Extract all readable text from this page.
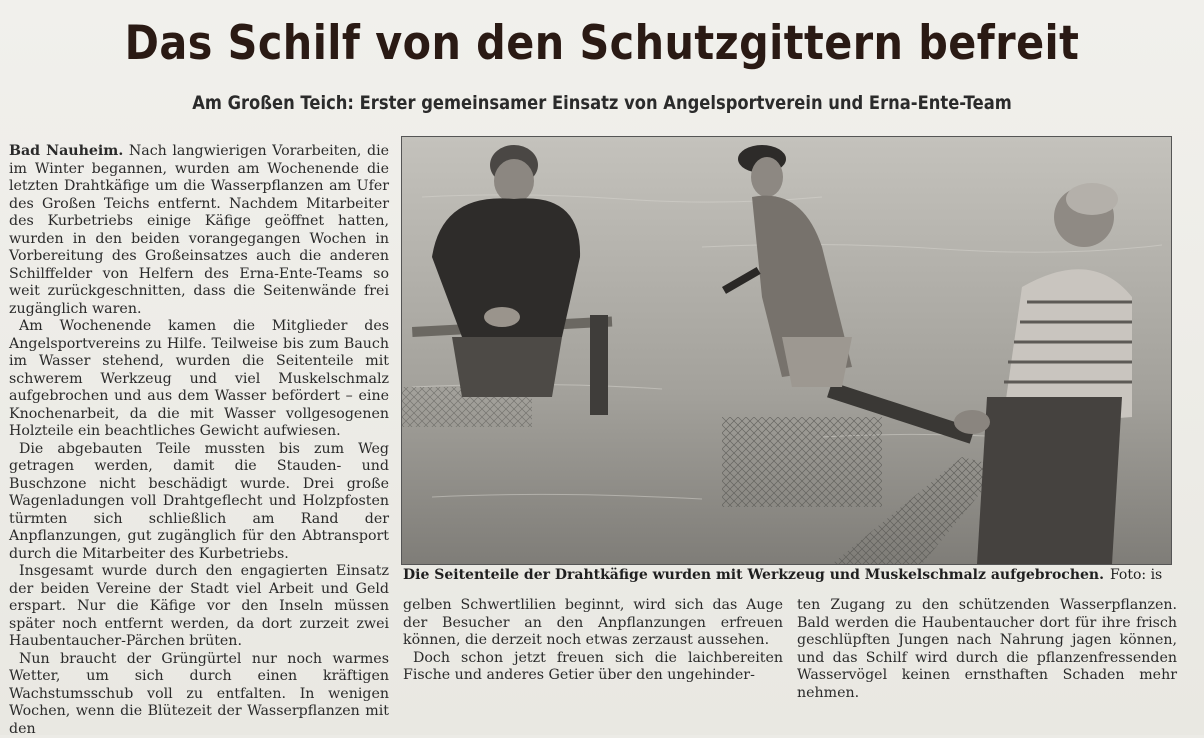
Das Schilf von den Schutzgittern befreit
Am Großen Teich: Erster gemeinsamer Einsatz von Angelsportverein und Erna-Ente-Team

Bad Nauheim. Nach langwierigen Vorarbeiten, die im Winter begannen, wurden am Wochenende die letzten Drahtkäfige um die Wasserpflanzen am Ufer des Großen Teichs entfernt. Nachdem Mitarbeiter des Kurbetriebs einige Käfige geöffnet hatten, wurden in den beiden vorangegangen Wochen in Vorbereitung des Großeinsatzes auch die anderen Schilffelder von Helfern des Erna-Ente-Teams so weit zurückgeschnitten, dass die Seitenwände frei zugänglich waren.

Am Wochenende kamen die Mitglieder des Angelsportvereins zu Hilfe. Teilweise bis zum Bauch im Wasser stehend, wurden die Seitenteile mit schwerem Werkzeug und viel Muskelschmalz aufgebrochen und aus dem Wasser befördert – eine Knochenarbeit, da die mit Wasser vollgesogenen Holzteile ein beachtliches Gewicht aufwiesen.

Die abgebauten Teile mussten bis zum Weg getragen werden, damit die Stauden- und Buschzone nicht beschädigt wurde. Drei große Wagenladungen voll Drahtgeflecht und Holzpfosten türmten sich schließlich am Rand der Anpflanzungen, gut zugänglich für den Abtransport durch die Mitarbeiter des Kurbetriebs.

Insgesamt wurde durch den engagierten Einsatz der beiden Vereine der Stadt viel Arbeit und Geld erspart. Nur die Käfige vor den Inseln müssen später noch entfernt werden, da dort zurzeit zwei Haubentaucher-Pärchen brüten.

Nun braucht der Grüngürtel nur noch warmes Wetter, um sich durch einen kräftigen Wachstumsschub voll zu entfalten. In wenigen Wochen, wenn die Blütezeit der Wasserpflanzen mit den

Die Seitenteile der Drahtkäfige wurden mit Werkzeug und Muskelschmalz aufgebrochen. Foto: is

gelben Schwertlilien beginnt, wird sich das Auge der Besucher an den Anpflanzungen erfreuen können, die derzeit noch etwas zerzaust aussehen.

Doch schon jetzt freuen sich die laichbereiten Fische und anderes Getier über den ungehinder-

ten Zugang zu den schützenden Wasserpflanzen. Bald werden die Haubentaucher dort für ihre frisch geschlüpften Jungen nach Nahrung jagen können, und das Schilf wird durch die pflanzenfressenden Wasservögel keinen ernsthaften Schaden mehr nehmen.
